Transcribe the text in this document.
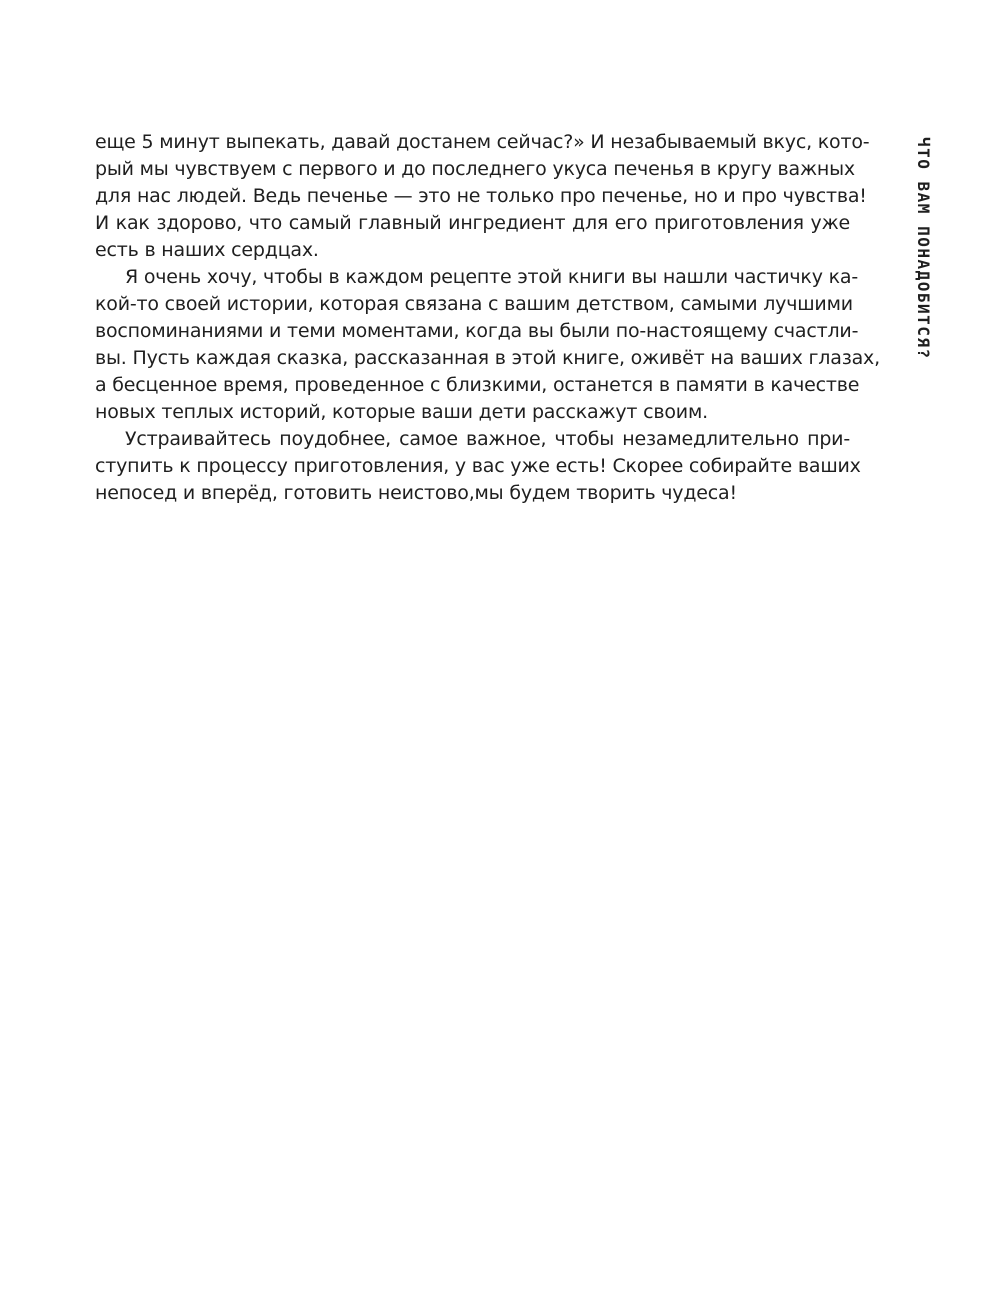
еще 5 минут выпекать, давай достанем сейчас?» И незабываемый вкус, кото-
рый мы чувствуем с первого и до последнего укуса печенья в кругу важных
для нас людей. Ведь печенье — это не только про печенье, но и про чувства!
И как здорово, что самый главный ингредиент для его приготовления уже
есть в наших сердцах.
Я очень хочу, чтобы в каждом рецепте этой книги вы нашли частичку ка-
кой-то своей истории, которая связана с вашим детством, самыми лучшими
воспоминаниями и теми моментами, когда вы были по-настоящему счастли-
вы. Пусть каждая сказка, рассказанная в этой книге, оживёт на ваших глазах,
а бесценное время, проведенное с близкими, останется в памяти в качестве
новых теплых историй, которые ваши дети расскажут своим.
Устраивайтесь поудобнее, самое важное, чтобы незамедлительно при-
ступить к процессу приготовления, у вас уже есть! Скорее собирайте ваших
непосед и вперёд, готовить неистово,мы будем творить чудеса!
ЧТО ВАМ ПОНАДОБИТСЯ?
